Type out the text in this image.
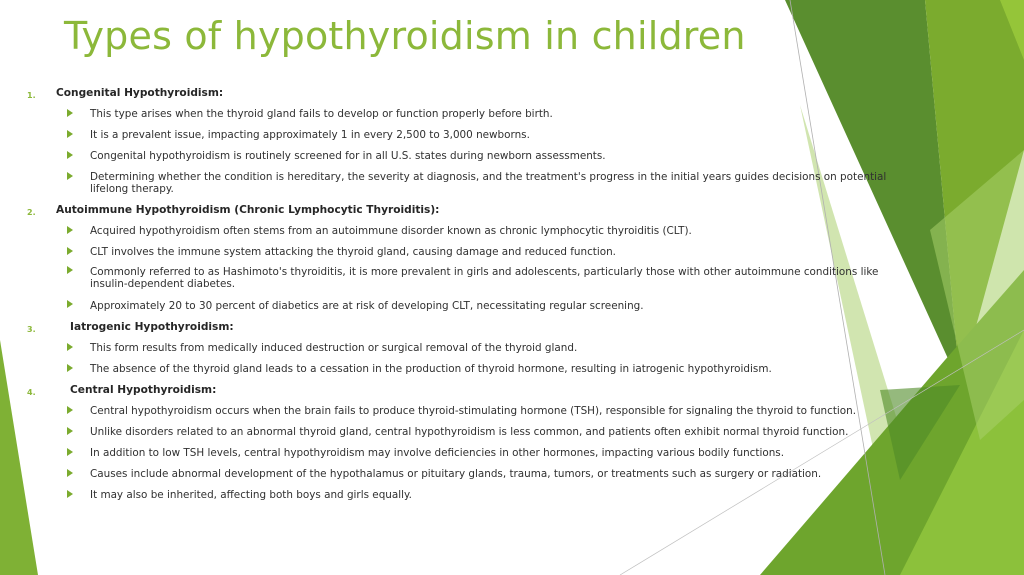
Types of hypothyroidism in children
1. Congenital Hypothyroidism:
This type arises when the thyroid gland fails to develop or function properly before birth.
It is a prevalent issue, impacting approximately 1 in every 2,500 to 3,000 newborns.
Congenital hypothyroidism is routinely screened for in all U.S. states during newborn assessments.
Determining whether the condition is hereditary, the severity at diagnosis, and the treatment's progress in the initial years guides decisions on potential lifelong therapy.
2. Autoimmune Hypothyroidism (Chronic Lymphocytic Thyroiditis):
Acquired hypothyroidism often stems from an autoimmune disorder known as chronic lymphocytic thyroiditis (CLT).
CLT involves the immune system attacking the thyroid gland, causing damage and reduced function.
Commonly referred to as Hashimoto's thyroiditis, it is more prevalent in girls and adolescents, particularly those with other autoimmune conditions like insulin-dependent diabetes.
Approximately 20 to 30 percent of diabetics are at risk of developing CLT, necessitating regular screening.
3.	Iatrogenic Hypothyroidism:
This form results from medically induced destruction or surgical removal of the thyroid gland.
The absence of the thyroid gland leads to a cessation in the production of thyroid hormone, resulting in iatrogenic hypothyroidism.
4.	Central Hypothyroidism:
Central hypothyroidism occurs when the brain fails to produce thyroid-stimulating hormone (TSH), responsible for signaling the thyroid to function.
Unlike disorders related to an abnormal thyroid gland, central hypothyroidism is less common, and patients often exhibit normal thyroid function.
In addition to low TSH levels, central hypothyroidism may involve deficiencies in other hormones, impacting various bodily functions.
Causes include abnormal development of the hypothalamus or pituitary glands, trauma, tumors, or treatments such as surgery or radiation.
It may also be inherited, affecting both boys and girls equally.
